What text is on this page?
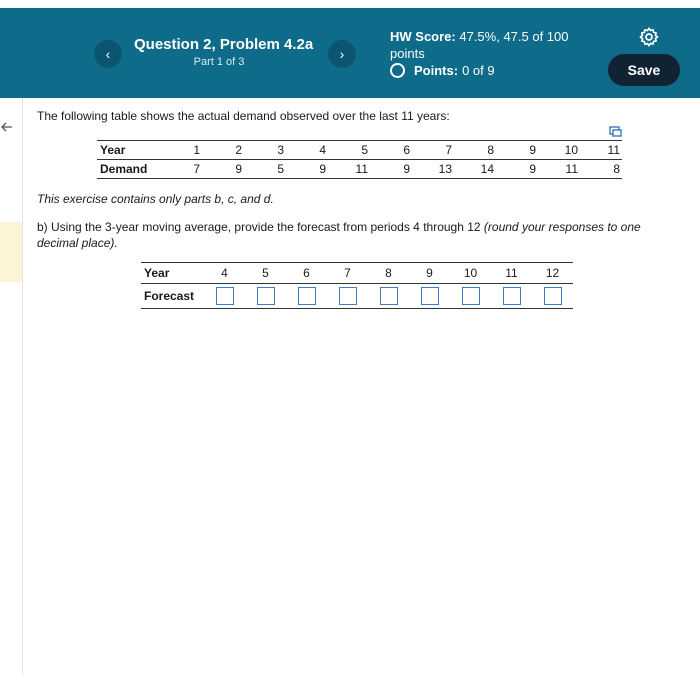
‹
Question 2, Problem 4.2a
Part 1 of 3	›
HW Score: 47.5%, 47.5 of 100 points
Points: 0 of 9	Save
The following table shows the actual demand observed over the last 11 years:
Year	1	2	3	4	5	6	7	8	9	10	11
Demand	7	9	5	9	11	9	13	14	9	11	8
This exercise contains only parts b, c, and d.
b) Using the 3-year moving average, provide the forecast from periods 4 through 12 (round your responses to one decimal place).
Year	4	5	6	7	8	9	10	11	12
Forecast	
